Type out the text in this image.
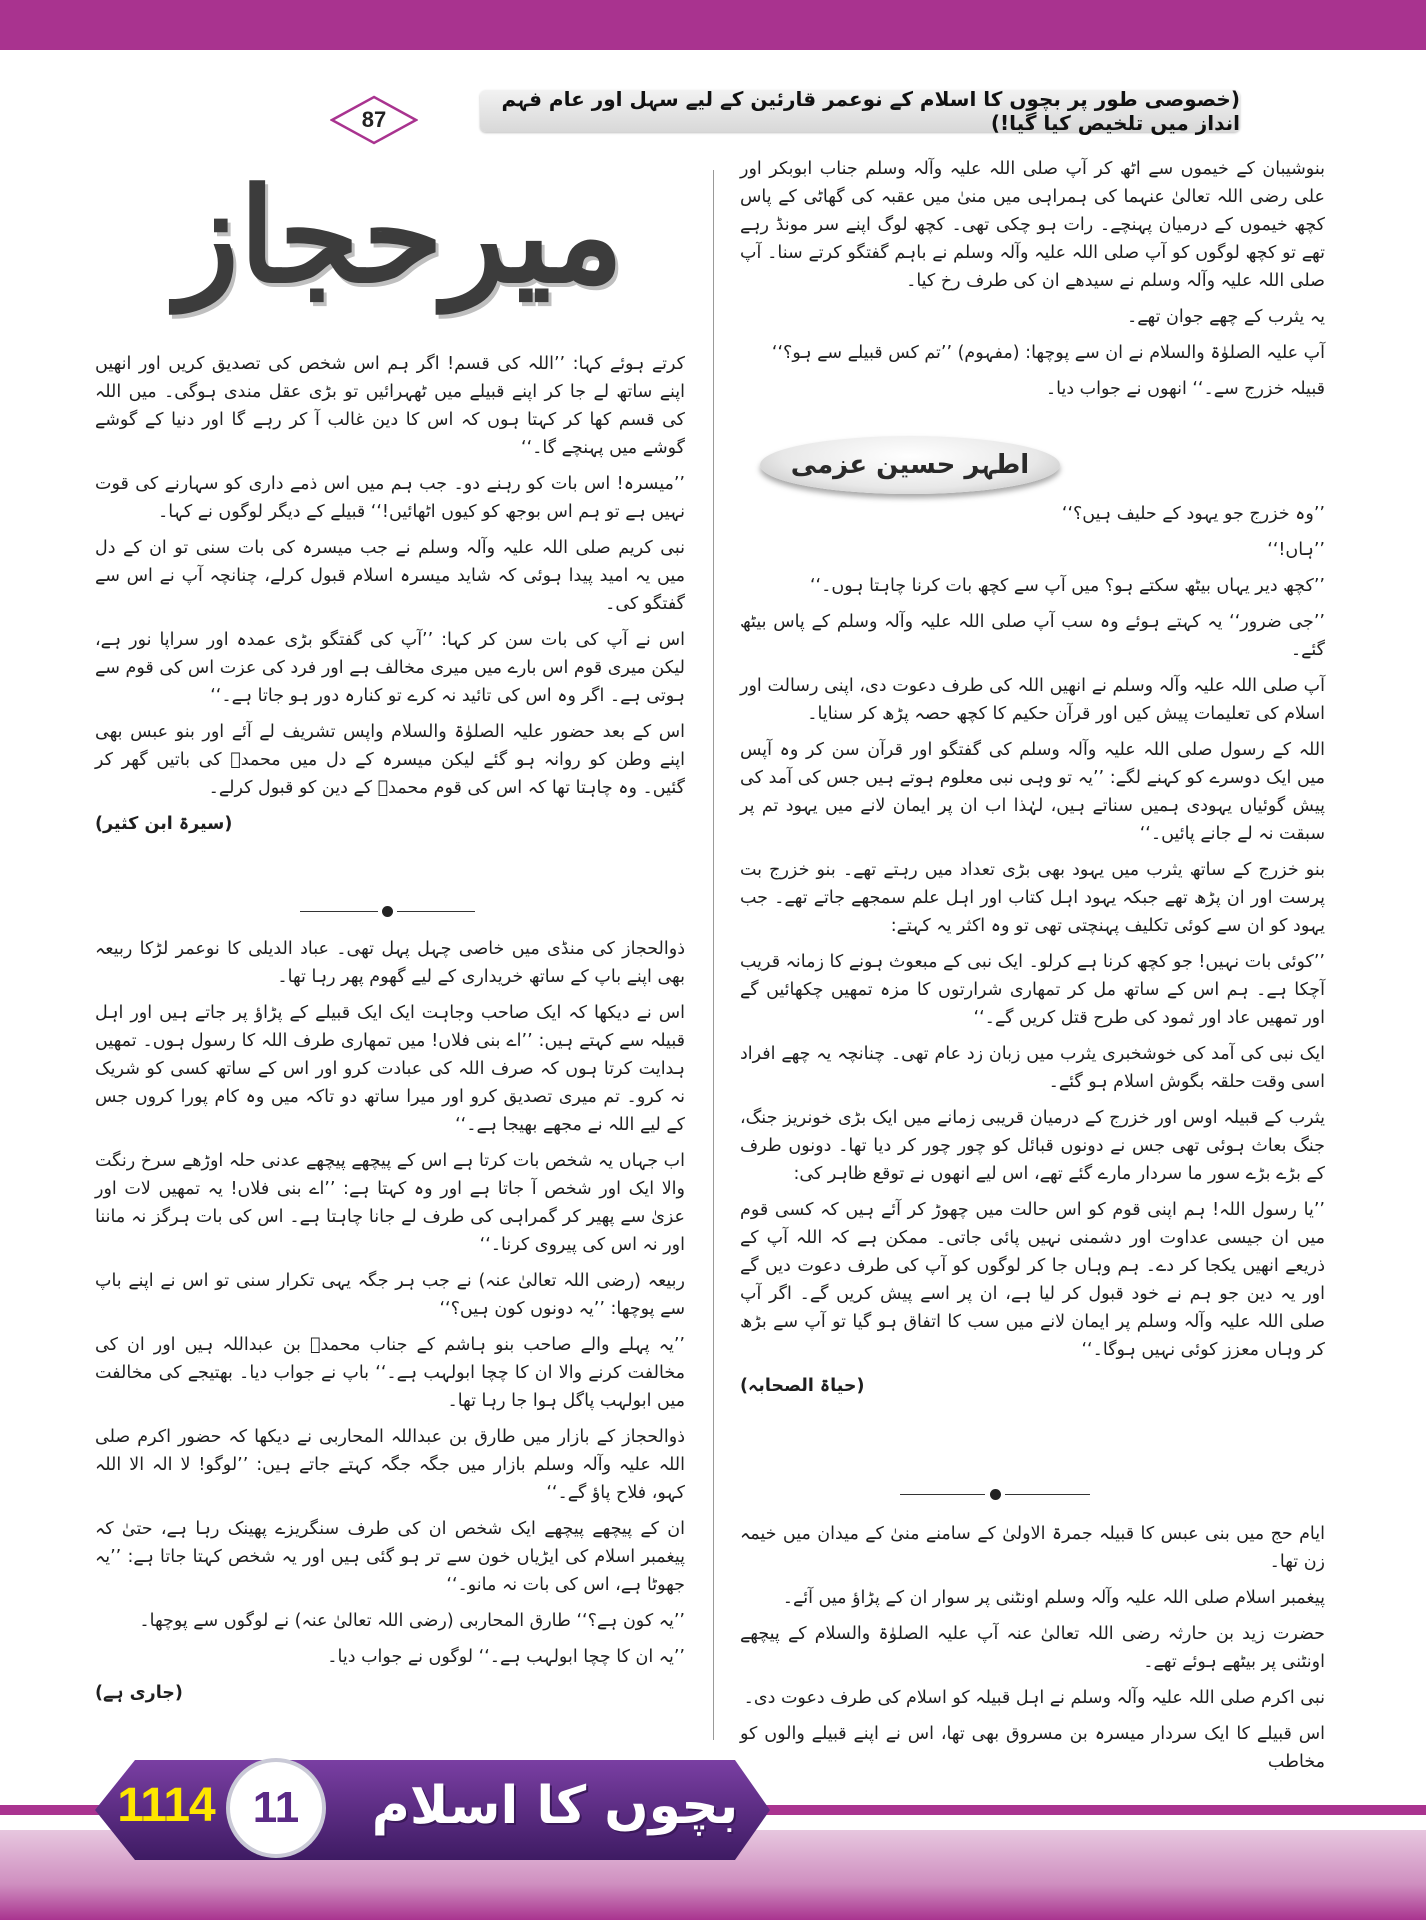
(خصوصی طور پر بچوں کا اسلام کے نوعمر قارئین کے لیے سہل اور عام فہم انداز میں تلخیص کیا گیا!)
87
میرحجاز
اطہر حسین عزمی

بنوشیبان کے خیموں سے اٹھ کر آپ صلی اللہ علیہ وآلہ وسلم جناب ابوبکر اور علی رضی اللہ تعالیٰ عنہما کی ہمراہی میں منیٰ میں عقبہ کی گھاٹی کے پاس کچھ خیموں کے درمیان پہنچے۔ رات ہو چکی تھی۔ کچھ لوگ اپنے سر مونڈ رہے تھے تو کچھ لوگوں کو آپ صلی اللہ علیہ وآلہ وسلم نے باہم گفتگو کرتے سنا۔ آپ صلی اللہ علیہ وآلہ وسلم نے سیدھے ان کی طرف رخ کیا۔

یہ یثرب کے چھے جوان تھے۔

آپ علیہ الصلوٰۃ والسلام نے ان سے پوچھا: (مفہوم) ’’تم کس قبیلے سے ہو؟‘‘

قبیلہ خزرج سے۔‘‘ انھوں نے جواب دیا۔

’’وہ خزرج جو یہود کے حلیف ہیں؟‘‘

’’ہاں!‘‘

’’کچھ دیر یہاں بیٹھ سکتے ہو؟ میں آپ سے کچھ بات کرنا چاہتا ہوں۔‘‘

’’جی ضرور‘‘ یہ کہتے ہوئے وہ سب آپ صلی اللہ علیہ وآلہ وسلم کے پاس بیٹھ گئے۔

آپ صلی اللہ علیہ وآلہ وسلم نے انھیں اللہ کی طرف دعوت دی، اپنی رسالت اور اسلام کی تعلیمات پیش کیں اور قرآن حکیم کا کچھ حصہ پڑھ کر سنایا۔

اللہ کے رسول صلی اللہ علیہ وآلہ وسلم کی گفتگو اور قرآن سن کر وہ آپس میں ایک دوسرے کو کہنے لگے: ’’یہ تو وہی نبی معلوم ہوتے ہیں جس کی آمد کی پیش گوئیاں یہودی ہمیں سناتے ہیں، لہٰذا اب ان پر ایمان لانے میں یہود تم پر سبقت نہ لے جانے پائیں۔‘‘

بنو خزرج کے ساتھ یثرب میں یہود بھی بڑی تعداد میں رہتے تھے۔ بنو خزرج بت پرست اور ان پڑھ تھے جبکہ یہود اہل کتاب اور اہل علم سمجھے جاتے تھے۔ جب یہود کو ان سے کوئی تکلیف پہنچتی تھی تو وہ اکثر یہ کہتے:

’’کوئی بات نہیں! جو کچھ کرنا ہے کرلو۔ ایک نبی کے مبعوث ہونے کا زمانہ قریب آچکا ہے۔ ہم اس کے ساتھ مل کر تمھاری شرارتوں کا مزہ تمھیں چکھائیں گے اور تمھیں عاد اور ثمود کی طرح قتل کریں گے۔‘‘

ایک نبی کی آمد کی خوشخبری یثرب میں زبان زد عام تھی۔ چنانچہ یہ چھے افراد اسی وقت حلقہ بگوش اسلام ہو گئے۔

یثرب کے قبیلہ اوس اور خزرج کے درمیان قریبی زمانے میں ایک بڑی خونریز جنگ، جنگ بعاث ہوئی تھی جس نے دونوں قبائل کو چور چور کر دیا تھا۔ دونوں طرف کے بڑے بڑے سور ما سردار مارے گئے تھے، اس لیے انھوں نے توقع ظاہر کی:

’’یا رسول اللہ! ہم اپنی قوم کو اس حالت میں چھوڑ کر آئے ہیں کہ کسی قوم میں ان جیسی عداوت اور دشمنی نہیں پائی جاتی۔ ممکن ہے کہ اللہ آپ کے ذریعے انھیں یکجا کر دے۔ ہم وہاں جا کر لوگوں کو آپ کی طرف دعوت دیں گے اور یہ دین جو ہم نے خود قبول کر لیا ہے، ان پر اسے پیش کریں گے۔ اگر آپ صلی اللہ علیہ وآلہ وسلم پر ایمان لانے میں سب کا اتفاق ہو گیا تو آپ سے بڑھ کر وہاں معزز کوئی نہیں ہوگا۔‘‘

(حیاۃ الصحابہ)

ایام حج میں بنی عبس کا قبیلہ جمرۃ الاولیٰ کے سامنے منیٰ کے میدان میں خیمہ زن تھا۔

پیغمبر اسلام صلی اللہ علیہ وآلہ وسلم اونٹنی پر سوار ان کے پڑاؤ میں آئے۔

حضرت زید بن حارثہ رضی اللہ تعالیٰ عنہ آپ علیہ الصلوٰۃ والسلام کے پیچھے اونٹنی پر بیٹھے ہوئے تھے۔

نبی اکرم صلی اللہ علیہ وآلہ وسلم نے اہل قبیلہ کو اسلام کی طرف دعوت دی۔

اس قبیلے کا ایک سردار میسرہ بن مسروق بھی تھا، اس نے اپنے قبیلے والوں کو مخاطب

کرتے ہوئے کہا: ’’اللہ کی قسم! اگر ہم اس شخص کی تصدیق کریں اور انھیں اپنے ساتھ لے جا کر اپنے قبیلے میں ٹھہرائیں تو بڑی عقل مندی ہوگی۔ میں اللہ کی قسم کھا کر کہتا ہوں کہ اس کا دین غالب آ کر رہے گا اور دنیا کے گوشے گوشے میں پہنچے گا۔‘‘

’’میسرہ! اس بات کو رہنے دو۔ جب ہم میں اس ذمے داری کو سہارنے کی قوت نہیں ہے تو ہم اس بوجھ کو کیوں اٹھائیں!‘‘ قبیلے کے دیگر لوگوں نے کہا۔

نبی کریم صلی اللہ علیہ وآلہ وسلم نے جب میسرہ کی بات سنی تو ان کے دل میں یہ امید پیدا ہوئی کہ شاید میسرہ اسلام قبول کرلے، چنانچہ آپ نے اس سے گفتگو کی۔

اس نے آپ کی بات سن کر کہا: ’’آپ کی گفتگو بڑی عمدہ اور سراپا نور ہے، لیکن میری قوم اس بارے میں میری مخالف ہے اور فرد کی عزت اس کی قوم سے ہوتی ہے۔ اگر وہ اس کی تائید نہ کرے تو کنارہ دور ہو جاتا ہے۔‘‘

اس کے بعد حضور علیہ الصلوٰۃ والسلام واپس تشریف لے آئے اور بنو عبس بھی اپنے وطن کو روانہ ہو گئے لیکن میسرہ کے دل میں محمدؐ کی باتیں گھر کر گئیں۔ وہ چاہتا تھا کہ اس کی قوم محمدؐ کے دین کو قبول کرلے۔

(سیرۃ ابن کثیر)

ذوالحجاز کی منڈی میں خاصی چہل پہل تھی۔ عباد الدیلی کا نوعمر لڑکا ربیعہ بھی اپنے باپ کے ساتھ خریداری کے لیے گھوم پھر رہا تھا۔

اس نے دیکھا کہ ایک صاحب وجاہت ایک ایک قبیلے کے پڑاؤ پر جاتے ہیں اور اہل قبیلہ سے کہتے ہیں: ’’اے بنی فلاں! میں تمھاری طرف اللہ کا رسول ہوں۔ تمھیں ہدایت کرتا ہوں کہ صرف اللہ کی عبادت کرو اور اس کے ساتھ کسی کو شریک نہ کرو۔ تم میری تصدیق کرو اور میرا ساتھ دو تاکہ میں وہ کام پورا کروں جس کے لیے اللہ نے مجھے بھیجا ہے۔‘‘

اب جہاں یہ شخص بات کرتا ہے اس کے پیچھے پیچھے عدنی حلہ اوڑھے سرخ رنگت والا ایک اور شخص آ جاتا ہے اور وہ کہتا ہے: ’’اے بنی فلاں! یہ تمھیں لات اور عزیٰ سے پھیر کر گمراہی کی طرف لے جانا چاہتا ہے۔ اس کی بات ہرگز نہ ماننا اور نہ اس کی پیروی کرنا۔‘‘

ربیعہ (رضی اللہ تعالیٰ عنہ) نے جب ہر جگہ یہی تکرار سنی تو اس نے اپنے باپ سے پوچھا: ’’یہ دونوں کون ہیں؟‘‘

’’یہ پہلے والے صاحب بنو ہاشم کے جناب محمدؐ بن عبداللہ ہیں اور ان کی مخالفت کرنے والا ان کا چچا ابولہب ہے۔‘‘ باپ نے جواب دیا۔ بھتیجے کی مخالفت میں ابولہب پاگل ہوا جا رہا تھا۔

ذوالحجاز کے بازار میں طارق بن عبداللہ المحاربی نے دیکھا کہ حضور اکرم صلی اللہ علیہ وآلہ وسلم بازار میں جگہ جگہ کہتے جاتے ہیں: ’’لوگو! لا الہ الا اللہ کہو، فلاح پاؤ گے۔‘‘

ان کے پیچھے پیچھے ایک شخص ان کی طرف سنگریزے پھینک رہا ہے، حتیٰ کہ پیغمبر اسلام کی ایڑیاں خون سے تر ہو گئی ہیں اور یہ شخص کہتا جاتا ہے: ’’یہ جھوٹا ہے، اس کی بات نہ مانو۔‘‘

’’یہ کون ہے؟‘‘ طارق المحاربی (رضی اللہ تعالیٰ عنہ) نے لوگوں سے پوچھا۔

’’یہ ان کا چچا ابولہب ہے۔‘‘ لوگوں نے جواب دیا۔

(جاری ہے)

1114 11	بچوں کا اسلام
